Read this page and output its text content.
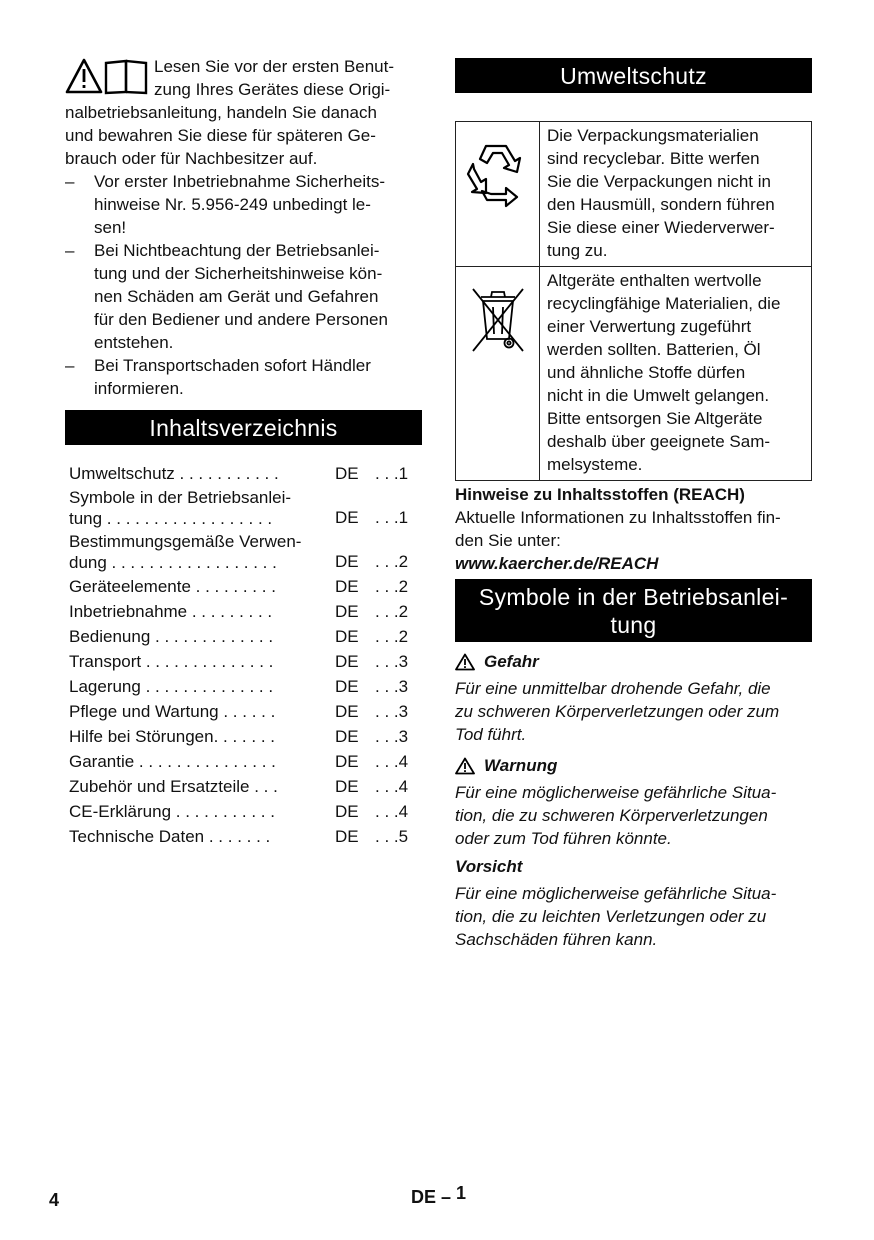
Lesen Sie vor der ersten Benut-

zung Ihres Gerätes diese Origi-

nalbetriebsanleitung, handeln Sie danach

und bewahren Sie diese für späteren Ge-

brauch oder für Nachbesitzer auf.

–	Vor erster Inbetriebnahme Sicherheits-
hinweise Nr. 5.956-249 unbedingt le-
sen!
–	Bei Nichtbeachtung der Betriebsanlei-
tung und der Sicherheitshinweise kön-
nen Schäden am Gerät und Gefahren
für den Bediener und andere Personen
entstehen.
–	Bei Transportschaden sofort Händler
informieren.
Inhaltsverzeichnis
Umweltschutz . . . . . . . . . . .	DE . . .1
Symbole in der Betriebsanlei-
tung . . . . . . . . . . . . . . . . . .	DE . . .1
Bestimmungsgemäße Verwen-
dung . . . . . . . . . . . . . . . . . .	DE . . .2
Geräteelemente . . . . . . . . .	DE . . .2
Inbetriebnahme . . . . . . . . .	DE . . .2
Bedienung . . . . . . . . . . . . .	DE . . .2
Transport . . . . . . . . . . . . . .	DE . . .3
Lagerung . . . . . . . . . . . . . .	DE . . .3
Pflege und Wartung . . . . . .	DE . . .3
Hilfe bei Störungen. . . . . . .	DE . . .3
Garantie . . . . . . . . . . . . . . .	DE . . .4
Zubehör und Ersatzteile . . .	DE . . .4
CE-Erklärung . . . . . . . . . . .	DE . . .4
Technische Daten . . . . . . .	DE . . .5
Umweltschutz
Die Verpackungsmaterialien
sind recyclebar. Bitte werfen
Sie die Verpackungen nicht in
den Hausmüll, sondern führen
Sie diese einer Wiederverwer-
tung zu.
Altgeräte enthalten wertvolle
recyclingfähige Materialien, die
einer Verwertung zugeführt
werden sollten. Batterien, Öl
und ähnliche Stoffe dürfen
nicht in die Umwelt gelangen.
Bitte entsorgen Sie Altgeräte
deshalb über geeignete Sam-
melsysteme.
Hinweise zu Inhaltsstoffen (REACH)
Aktuelle Informationen zu Inhaltsstoffen fin-
den Sie unter:
www.kaercher.de/REACH
Symbole in der Betriebsanlei-
tung
Gefahr
Für eine unmittelbar drohende Gefahr, die
zu schweren Körperverletzungen oder zum
Tod führt.
Warnung
Für eine möglicherweise gefährliche Situa-
tion, die zu schweren Körperverletzungen
oder zum Tod führen könnte.
Vorsicht
Für eine möglicherweise gefährliche Situa-
tion, die zu leichten Verletzungen oder zu
Sachschäden führen kann.
4	DE – 1
